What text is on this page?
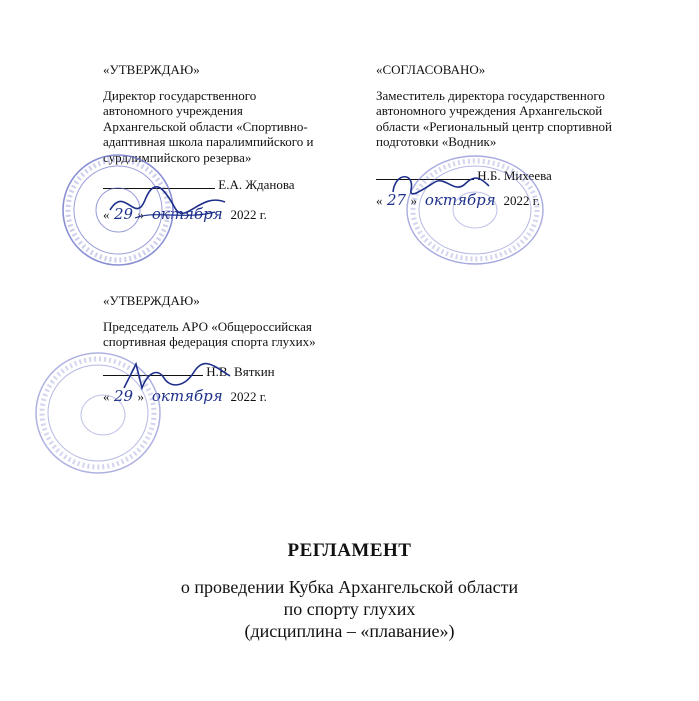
«УТВЕРЖДАЮ»

Директор государственного

автономного учреждения

Архангельской области «Спортивно-

адаптивная школа паралимпийского и

сурдлимпийского резерва»

Е.А. Жданова

« 29 » октября 2022 г.

«СОГЛАСОВАНО»

Заместитель директора государственного

автономного учреждения Архангельской

области «Региональный центр спортивной

подготовки «Водник»

Н.Б. Михеева

« 27 » октября 2022 г.

«УТВЕРЖДАЮ»

Председатель АРО «Общероссийская

спортивная федерация спорта глухих»

Н.В. Вяткин

« 29 » октября 2022 г.

РЕГЛАМЕНТ
о проведении Кубка Архангельской области
по спорту глухих
(дисциплина – «плавание»)
